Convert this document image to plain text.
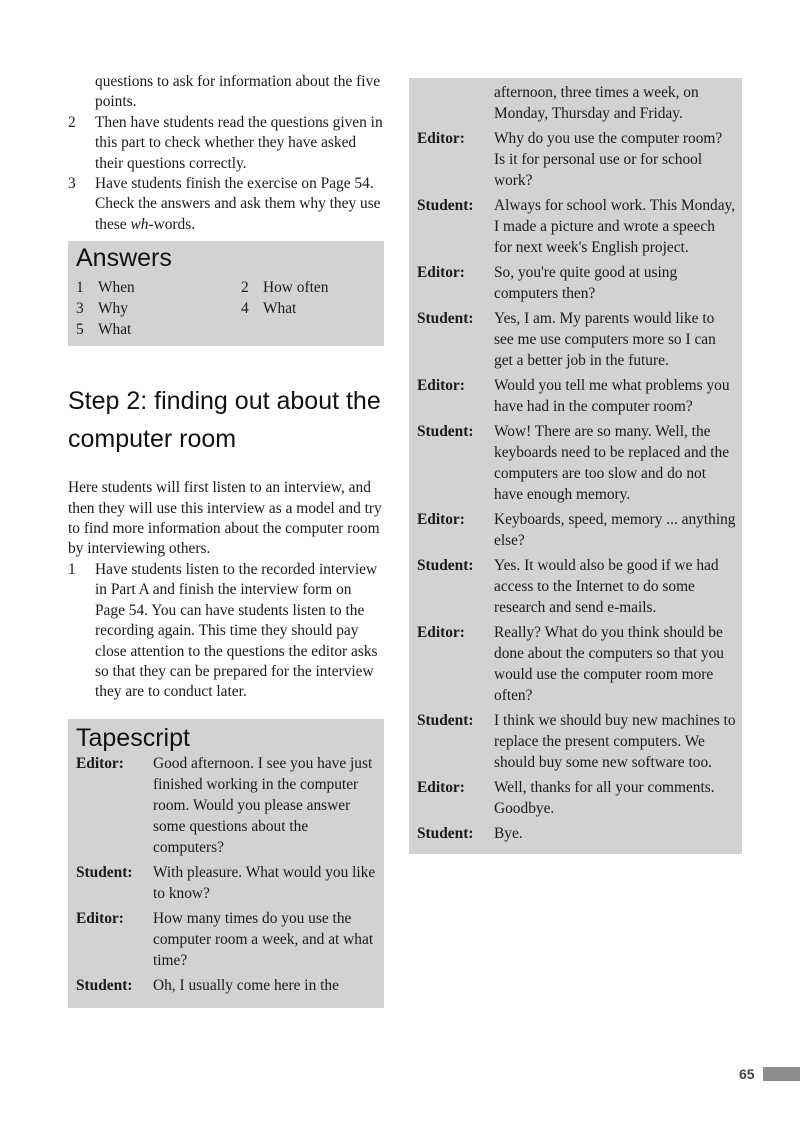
questions to ask for information about the five points.
2	Then have students read the questions given in this part to check whether they have asked their questions correctly.
3	Have students finish the exercise on Page 54. Check the answers and ask them why they use these wh-words.
Answers
1 When	2 How often
3 Why	4 What
5 What
Step 2: finding out about the computer room
Here students will first listen to an interview, and then they will use this interview as a model and try to find more information about the computer room by interviewing others.
1	Have students listen to the recorded interview in Part A and finish the interview form on Page 54. You can have students listen to the recording again. This time they should pay close attention to the questions the editor asks so that they can be prepared for the interview they are to conduct later.
Tapescript
Editor:	Good afternoon. I see you have just finished working in the computer room. Would you please answer some questions about the computers?
Student:	With pleasure. What would you like to know?
Editor:	How many times do you use the computer room a week, and at what time?
Student:	Oh, I usually come here in the
afternoon, three times a week, on Monday, Thursday and Friday.
Editor:	Why do you use the computer room? Is it for personal use or for school work?
Student:	Always for school work. This Monday, I made a picture and wrote a speech for next week's English project.
Editor:	So, you're quite good at using computers then?
Student:	Yes, I am. My parents would like to see me use computers more so I can get a better job in the future.
Editor:	Would you tell me what problems you have had in the computer room?
Student:	Wow! There are so many. Well, the keyboards need to be replaced and the computers are too slow and do not have enough memory.
Editor:	Keyboards, speed, memory ... anything else?
Student:	Yes. It would also be good if we had access to the Internet to do some research and send e-mails.
Editor:	Really? What do you think should be done about the computers so that you would use the computer room more often?
Student:	I think we should buy new machines to replace the present computers. We should buy some new software too.
Editor:	Well, thanks for all your comments. Goodbye.
Student:	Bye.
65
